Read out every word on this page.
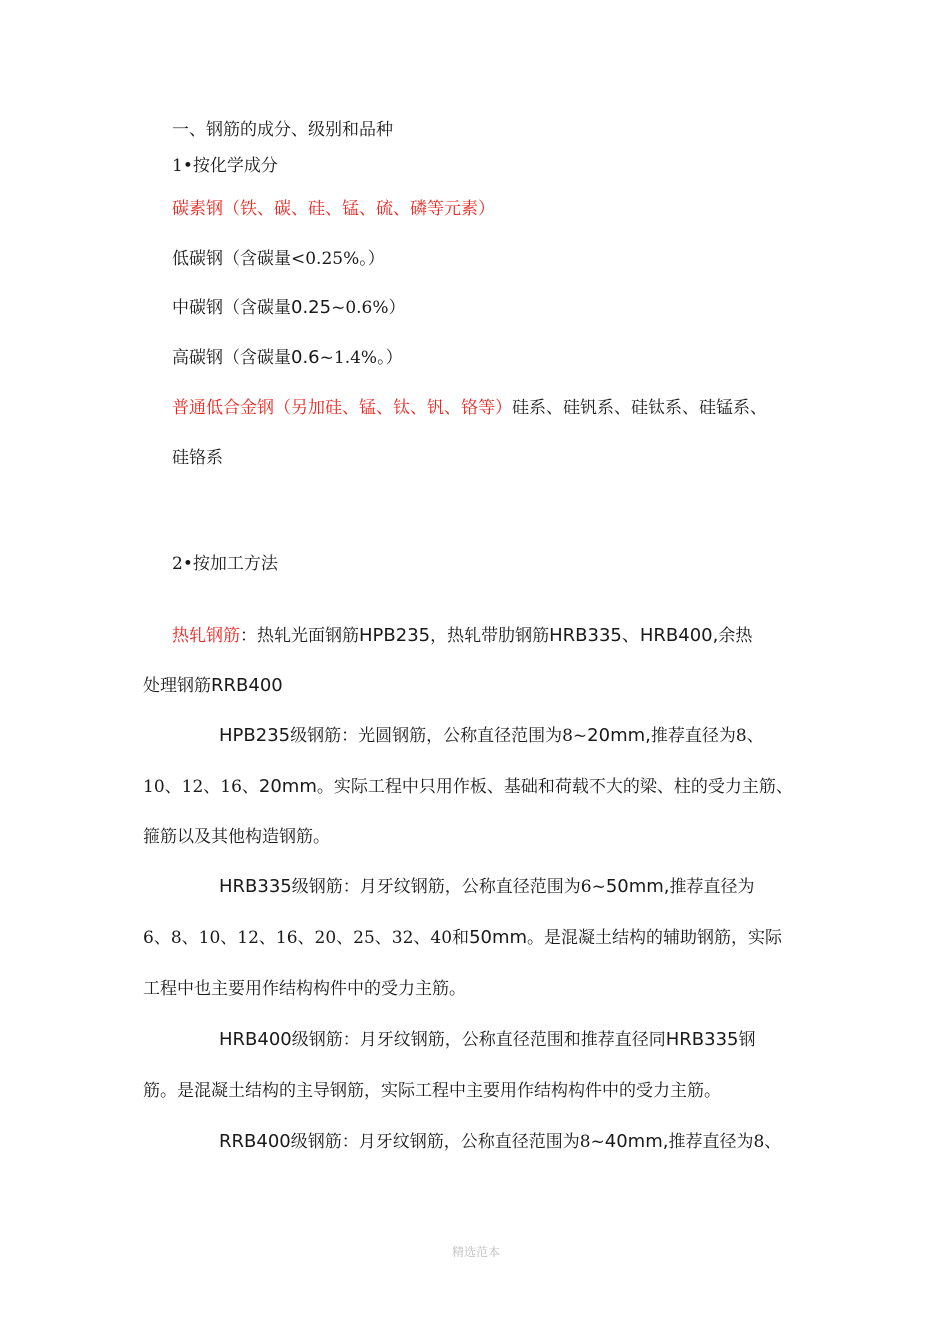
一、钢筋的成分、级别和品种
1•按化学成分
碳素钢（铁、碳、硅、锰、硫、磷等元素）
低碳钢（含碳量<0.25%。）
中碳钢（含碳量0.25~0.6%）
高碳钢（含碳量0.6~1.4%。）
普通低合金钢（另加硅、锰、钛、钒、铬等）硅系、硅钒系、硅钛系、硅锰系、
硅铬系
2•按加工方法
热轧钢筋：热轧光面钢筋HPB235，热轧带肋钢筋HRB335、HRB400,余热
处理钢筋RRB400
HPB235级钢筋：光圆钢筋，公称直径范围为8~20mm,推荐直径为8、
10、12、16、20mm。实际工程中只用作板、基础和荷载不大的梁、柱的受力主筋、
箍筋以及其他构造钢筋。
HRB335级钢筋：月牙纹钢筋，公称直径范围为6~50mm,推荐直径为
6、8、10、12、16、20、25、32、40和50mm。是混凝土结构的辅助钢筋，实际
工程中也主要用作结构构件中的受力主筋。
HRB400级钢筋：月牙纹钢筋，公称直径范围和推荐直径同HRB335钢
筋。是混凝土结构的主导钢筋，实际工程中主要用作结构构件中的受力主筋。
RRB400级钢筋：月牙纹钢筋，公称直径范围为8~40mm,推荐直径为8、
精选范本
